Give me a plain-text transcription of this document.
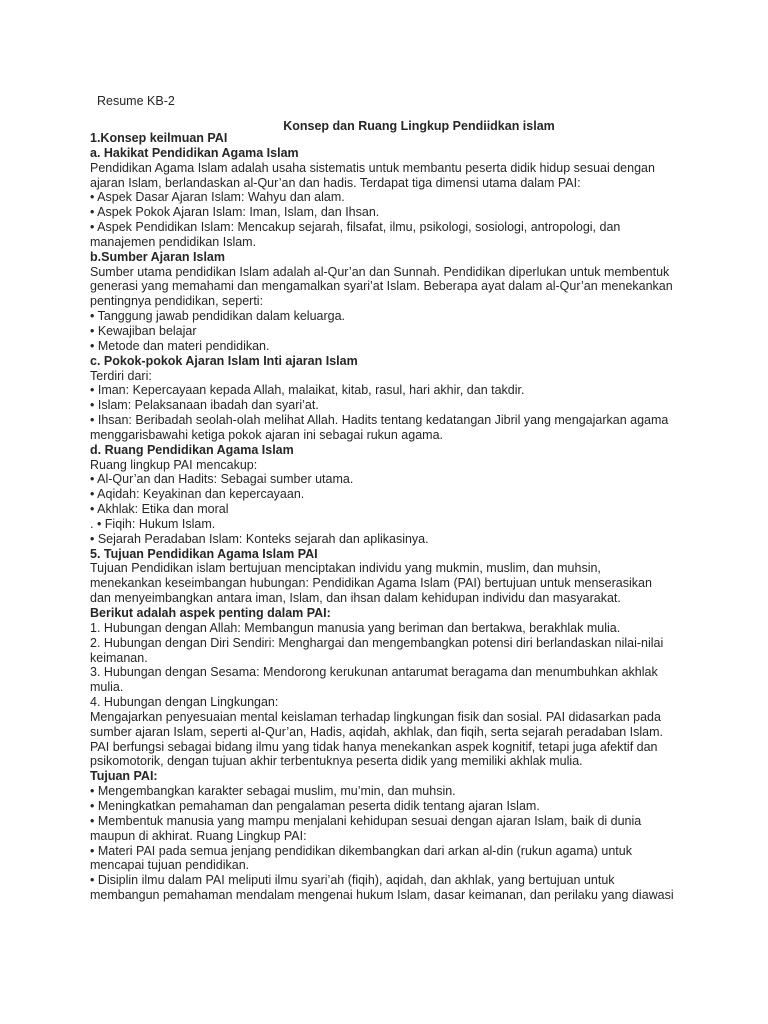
Resume KB-2
Konsep dan Ruang Lingkup Pendiidkan islam

1.Konsep keilmuan PAI

a. Hakikat Pendidikan Agama Islam

Pendidikan Agama Islam adalah usaha sistematis untuk membantu peserta didik hidup sesuai dengan

ajaran Islam, berlandaskan al-Qur’an dan hadis. Terdapat tiga dimensi utama dalam PAI:

• Aspek Dasar Ajaran Islam: Wahyu dan alam.

• Aspek Pokok Ajaran Islam: Iman, Islam, dan Ihsan.

• Aspek Pendidikan Islam: Mencakup sejarah, filsafat, ilmu, psikologi, sosiologi, antropologi, dan

manajemen pendidikan Islam.

b.Sumber Ajaran Islam

Sumber utama pendidikan Islam adalah al-Qur’an dan Sunnah. Pendidikan diperlukan untuk membentuk

generasi yang memahami dan mengamalkan syari’at Islam. Beberapa ayat dalam al-Qur’an menekankan

pentingnya pendidikan, seperti:

• Tanggung jawab pendidikan dalam keluarga.

• Kewajiban belajar

• Metode dan materi pendidikan.

c. Pokok-pokok Ajaran Islam Inti ajaran Islam

Terdiri dari:

• Iman: Kepercayaan kepada Allah, malaikat, kitab, rasul, hari akhir, dan takdir.

• Islam: Pelaksanaan ibadah dan syari’at.

• Ihsan: Beribadah seolah-olah melihat Allah. Hadits tentang kedatangan Jibril yang mengajarkan agama

menggarisbawahi ketiga pokok ajaran ini sebagai rukun agama.

d. Ruang Pendidikan Agama Islam

Ruang lingkup PAI mencakup:

• Al-Qur’an dan Hadits: Sebagai sumber utama.

• Aqidah: Keyakinan dan kepercayaan.

• Akhlak: Etika dan moral

. • Fiqih: Hukum Islam.

• Sejarah Peradaban Islam: Konteks sejarah dan aplikasinya.

5. Tujuan Pendidikan Agama Islam PAI

Tujuan Pendidikan islam bertujuan menciptakan individu yang mukmin, muslim, dan muhsin,

menekankan keseimbangan hubungan: Pendidikan Agama Islam (PAI) bertujuan untuk menserasikan

dan menyeimbangkan antara iman, Islam, dan ihsan dalam kehidupan individu dan masyarakat.

Berikut adalah aspek penting dalam PAI:

1. Hubungan dengan Allah: Membangun manusia yang beriman dan bertakwa, berakhlak mulia.

2. Hubungan dengan Diri Sendiri: Menghargai dan mengembangkan potensi diri berlandaskan nilai-nilai

keimanan.

3. Hubungan dengan Sesama: Mendorong kerukunan antarumat beragama dan menumbuhkan akhlak

mulia.

4. Hubungan dengan Lingkungan:

Mengajarkan penyesuaian mental keislaman terhadap lingkungan fisik dan sosial. PAI didasarkan pada

sumber ajaran Islam, seperti al-Qur’an, Hadis, aqidah, akhlak, dan fiqih, serta sejarah peradaban Islam.

PAI berfungsi sebagai bidang ilmu yang tidak hanya menekankan aspek kognitif, tetapi juga afektif dan

psikomotorik, dengan tujuan akhir terbentuknya peserta didik yang memiliki akhlak mulia.

Tujuan PAI:

• Mengembangkan karakter sebagai muslim, mu’min, dan muhsin.

• Meningkatkan pemahaman dan pengalaman peserta didik tentang ajaran Islam.

• Membentuk manusia yang mampu menjalani kehidupan sesuai dengan ajaran Islam, baik di dunia

maupun di akhirat. Ruang Lingkup PAI:

• Materi PAI pada semua jenjang pendidikan dikembangkan dari arkan al-din (rukun agama) untuk

mencapai tujuan pendidikan.

• Disiplin ilmu dalam PAI meliputi ilmu syari’ah (fiqih), aqidah, dan akhlak, yang bertujuan untuk

membangun pemahaman mendalam mengenai hukum Islam, dasar keimanan, dan perilaku yang diawasi
